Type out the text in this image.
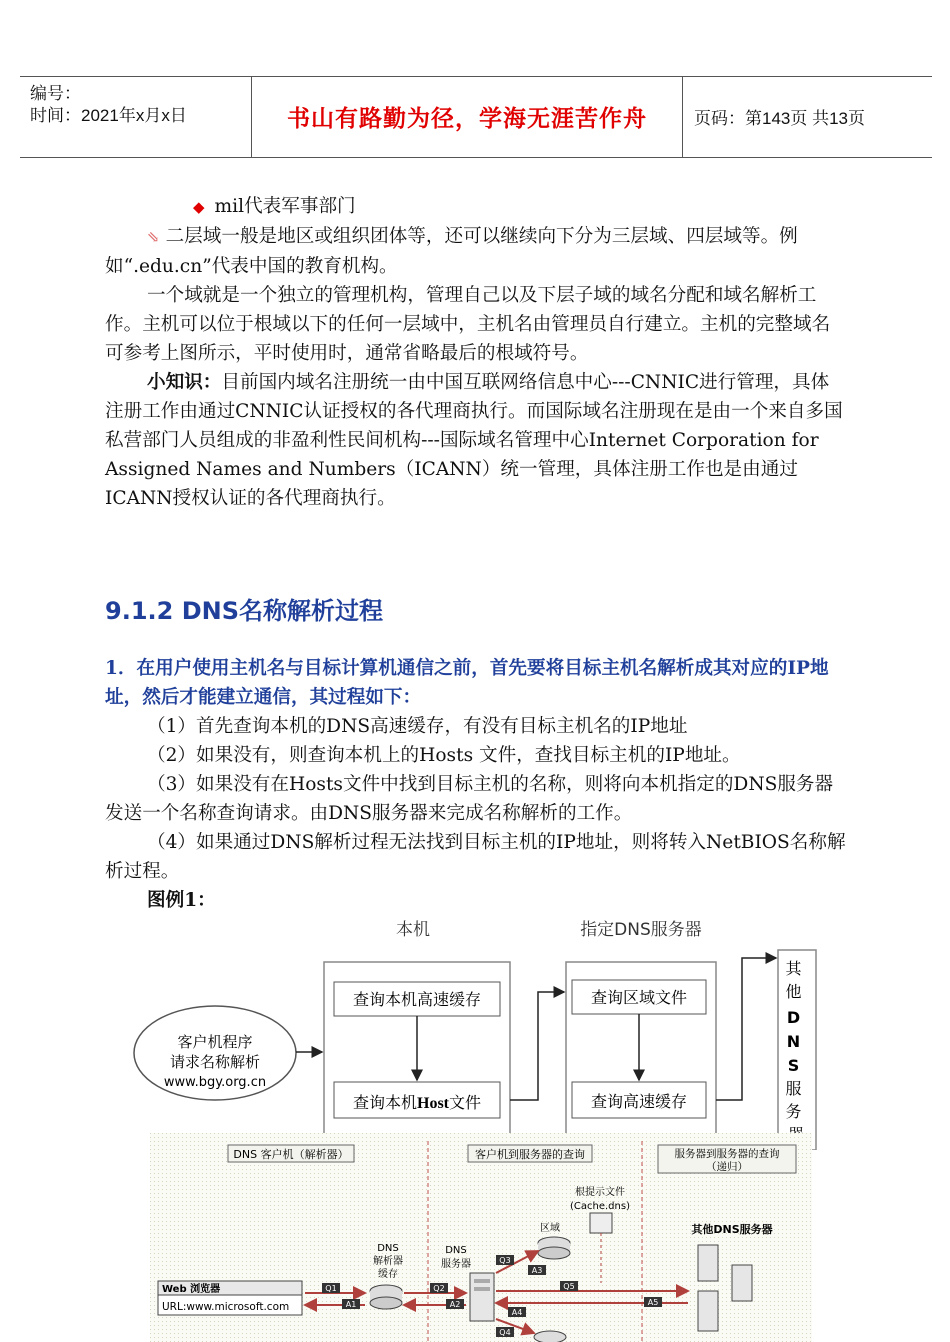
编号：
时间：2021年x月x日	书山有路勤为径，学海无涯苦作舟	页码：第143页 共13页

◆ mil代表军事部门

⇘ 二层域一般是地区或组织团体等，还可以继续向下分为三层域、四层域等。例如“.edu.cn”代表中国的教育机构。

一个域就是一个独立的管理机构，管理自己以及下层子域的域名分配和域名解析工作。主机可以位于根域以下的任何一层域中，主机名由管理员自行建立。主机的完整域名可参考上图所示，平时使用时，通常省略最后的根域符号。

小知识：目前国内域名注册统一由中国互联网络信息中心---CNNIC进行管理，具体注册工作由通过CNNIC认证授权的各代理商执行。而国际域名注册现在是由一个来自多国私营部门人员组成的非盈利性民间机构---国际域名管理中心Internet Corporation for Assigned Names and Numbers（ICANN）统一管理，具体注册工作也是由通过ICANN授权认证的各代理商执行。

9.1.2 DNS名称解析过程

1．在用户使用主机名与目标计算机通信之前，首先要将目标主机名解析成其对应的IP地址，然后才能建立通信，其过程如下：

（1）首先查询本机的DNS高速缓存，有没有目标主机名的IP地址

（2）如果没有，则查询本机上的Hosts 文件，查找目标主机的IP地址。

（3）如果没有在Hosts文件中找到目标主机的名称，则将向本机指定的DNS服务器发送一个名称查询请求。由DNS服务器来完成名称解析的工作。

（4）如果通过DNS解析过程无法找到目标主机的IP地址，则将转入NetBIOS名称解析过程。

图例1：

本机	指定DNS服务器
客户机程序
请求名称解析
www.bgy.org.cn
查询本机高速缓存
查询本机Host文件
查询区域文件
查询高速缓存
其 他 D N S 服 务
DNS 客户机（解析器）	客户机到服务器的查询	服务器到服务器的查询
（递归）
根提示文件
(Cache.dns)
区域
DNS
服务器
DNS
解析器
缓存
其他DNS服务器
Web 浏览器
URL:www.microsoft.com
Q1
A1
Q2
A2
Q3
A3
Q5
A5
A4
Q4
